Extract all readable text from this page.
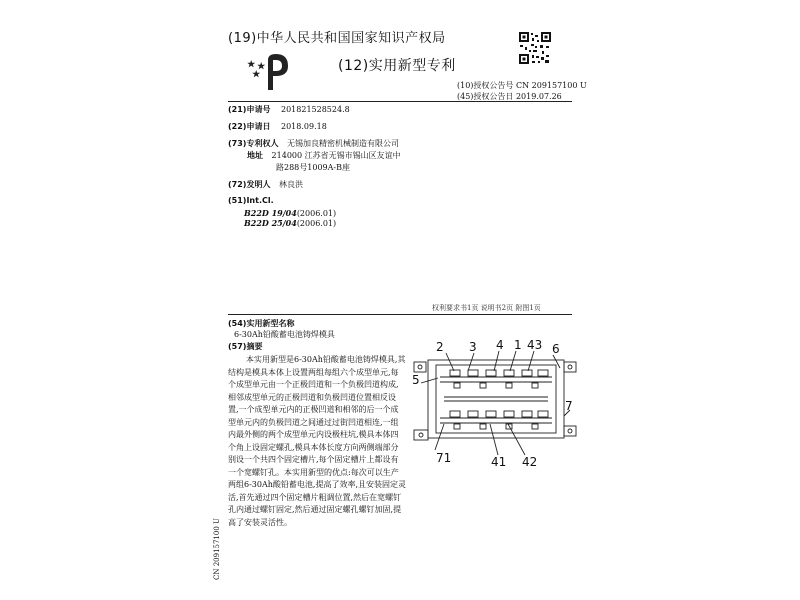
(19)中华人民共和国国家知识产权局
(12)实用新型专利
(10)授权公告号 CN 209157100 U
(45)授权公告日 2019.07.26
(21)申请号 201821528524.8
(22)申请日 2018.09.18
(73)专利权人 无锡加良精密机械制造有限公司
地址 214000 江苏省无锡市锡山区友谊中
路288号1009A-B座
(72)发明人 林良洪
(51)Int.Cl.
B22D 19/04(2006.01)
B22D 25/04(2006.01)
权利要求书1页 说明书2页 附图1页
(54)实用新型名称
6-30Ah铅酸蓄电池铸焊模具
(57)摘要
本实用新型是6-30Ah铅酸蓄电池铸焊模具,其结构是模具本体上设置两组每组六个成型单元,每个成型单元由一个正极凹道和一个负极凹道构成,相邻成型单元的正极凹道和负极凹道位置相反设置,一个成型单元内的正极凹道和相邻的后一个成型单元内的负极凹道之间通过过街凹道相连,一组内最外侧的两个成型单元内设极柱坑,模具本体四个角上设固定螺孔,模具本体长度方向两侧端部分别设一个共四个固定槽片,每个固定槽片上都设有一个宽螺钉孔。本实用新型的优点:每次可以生产两组6-30Ah酸铅蓄电池,提高了效率,且安装固定灵活,首先通过四个固定槽片粗调位置,然后在宽螺钉孔内通过螺钉固定,然后通过固定螺孔螺钉加固,提高了安装灵活性。
CN 209157100 U
2 3 4 1 43 6
5
7
71	41 42
